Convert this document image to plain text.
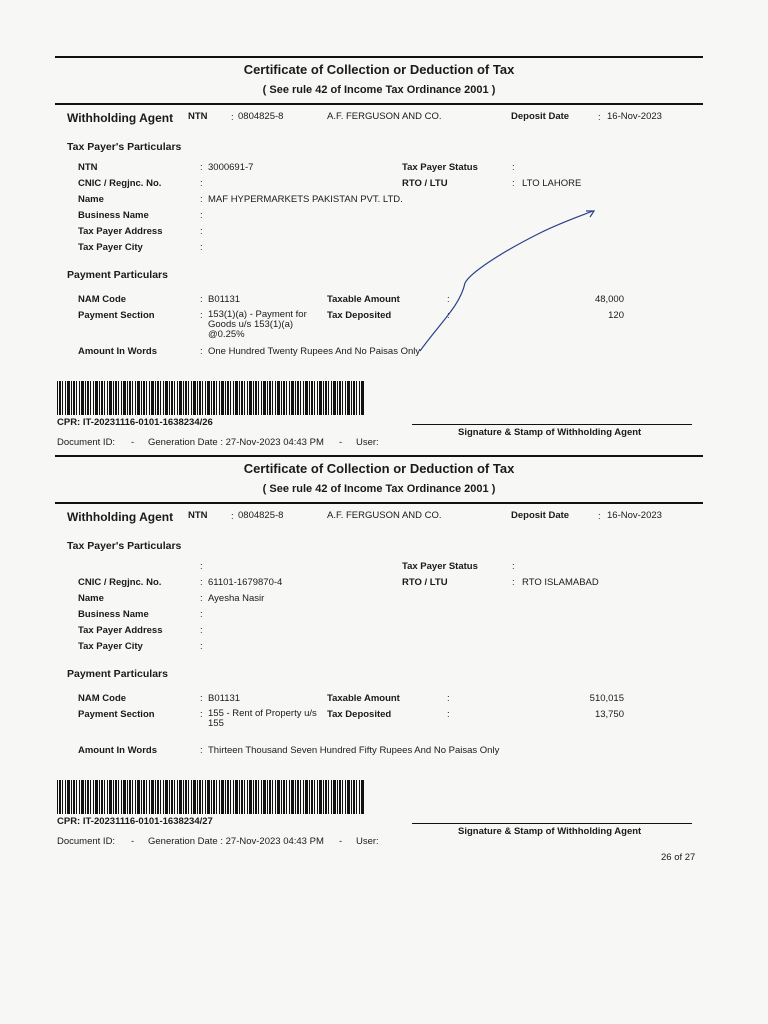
Certificate of Collection or Deduction of Tax
( See rule 42 of Income Tax Ordinance 2001 )
Withholding Agent NTN : 0804825-8	A.F. FERGUSON AND CO.	Deposit Date	: 16-Nov-2023
Tax Payer's Particulars
NTN	: 3000691-7	Tax Payer Status	:
CNIC / Regjnc. No.	:	RTO / LTU	: LTO LAHORE
Name	: MAF HYPERMARKETS PAKISTAN PVT. LTD.
Business Name	:
Tax Payer Address	:
Tax Payer City	:
Payment Particulars
NAM Code	: B01131	Taxable Amount	:	48,000
Payment Section	: 153(1)(a) - Payment for Goods u/s 153(1)(a) @0.25%
Tax Deposited	:	120
Amount In Words	: One Hundred Twenty Rupees And No Paisas Only
CPR: IT-20231116-0101-1638234/26
Signature & Stamp of Withholding Agent
Document ID: - Generation Date : 27-Nov-2023 04:43 PM - User:
Certificate of Collection or Deduction of Tax
( See rule 42 of Income Tax Ordinance 2001 )
Withholding Agent NTN : 0804825-8	A.F. FERGUSON AND CO.	Deposit Date	: 16-Nov-2023
Tax Payer's Particulars
:	Tax Payer Status	:
CNIC / Regjnc. No.	: 61101-1679870-4	RTO / LTU	: RTO ISLAMABAD
Name	: Ayesha Nasir
Business Name	:
Tax Payer Address	:
Tax Payer City	:
Payment Particulars
NAM Code	: B01131	Taxable Amount	:	510,015
Payment Section	: 155 - Rent of Property u/s 155
Tax Deposited	:	13,750
Amount In Words	: Thirteen Thousand Seven Hundred Fifty Rupees And No Paisas Only
CPR: IT-20231116-0101-1638234/27
Signature & Stamp of Withholding Agent
Document ID: - Generation Date : 27-Nov-2023 04:43 PM - User:
26 of 27
